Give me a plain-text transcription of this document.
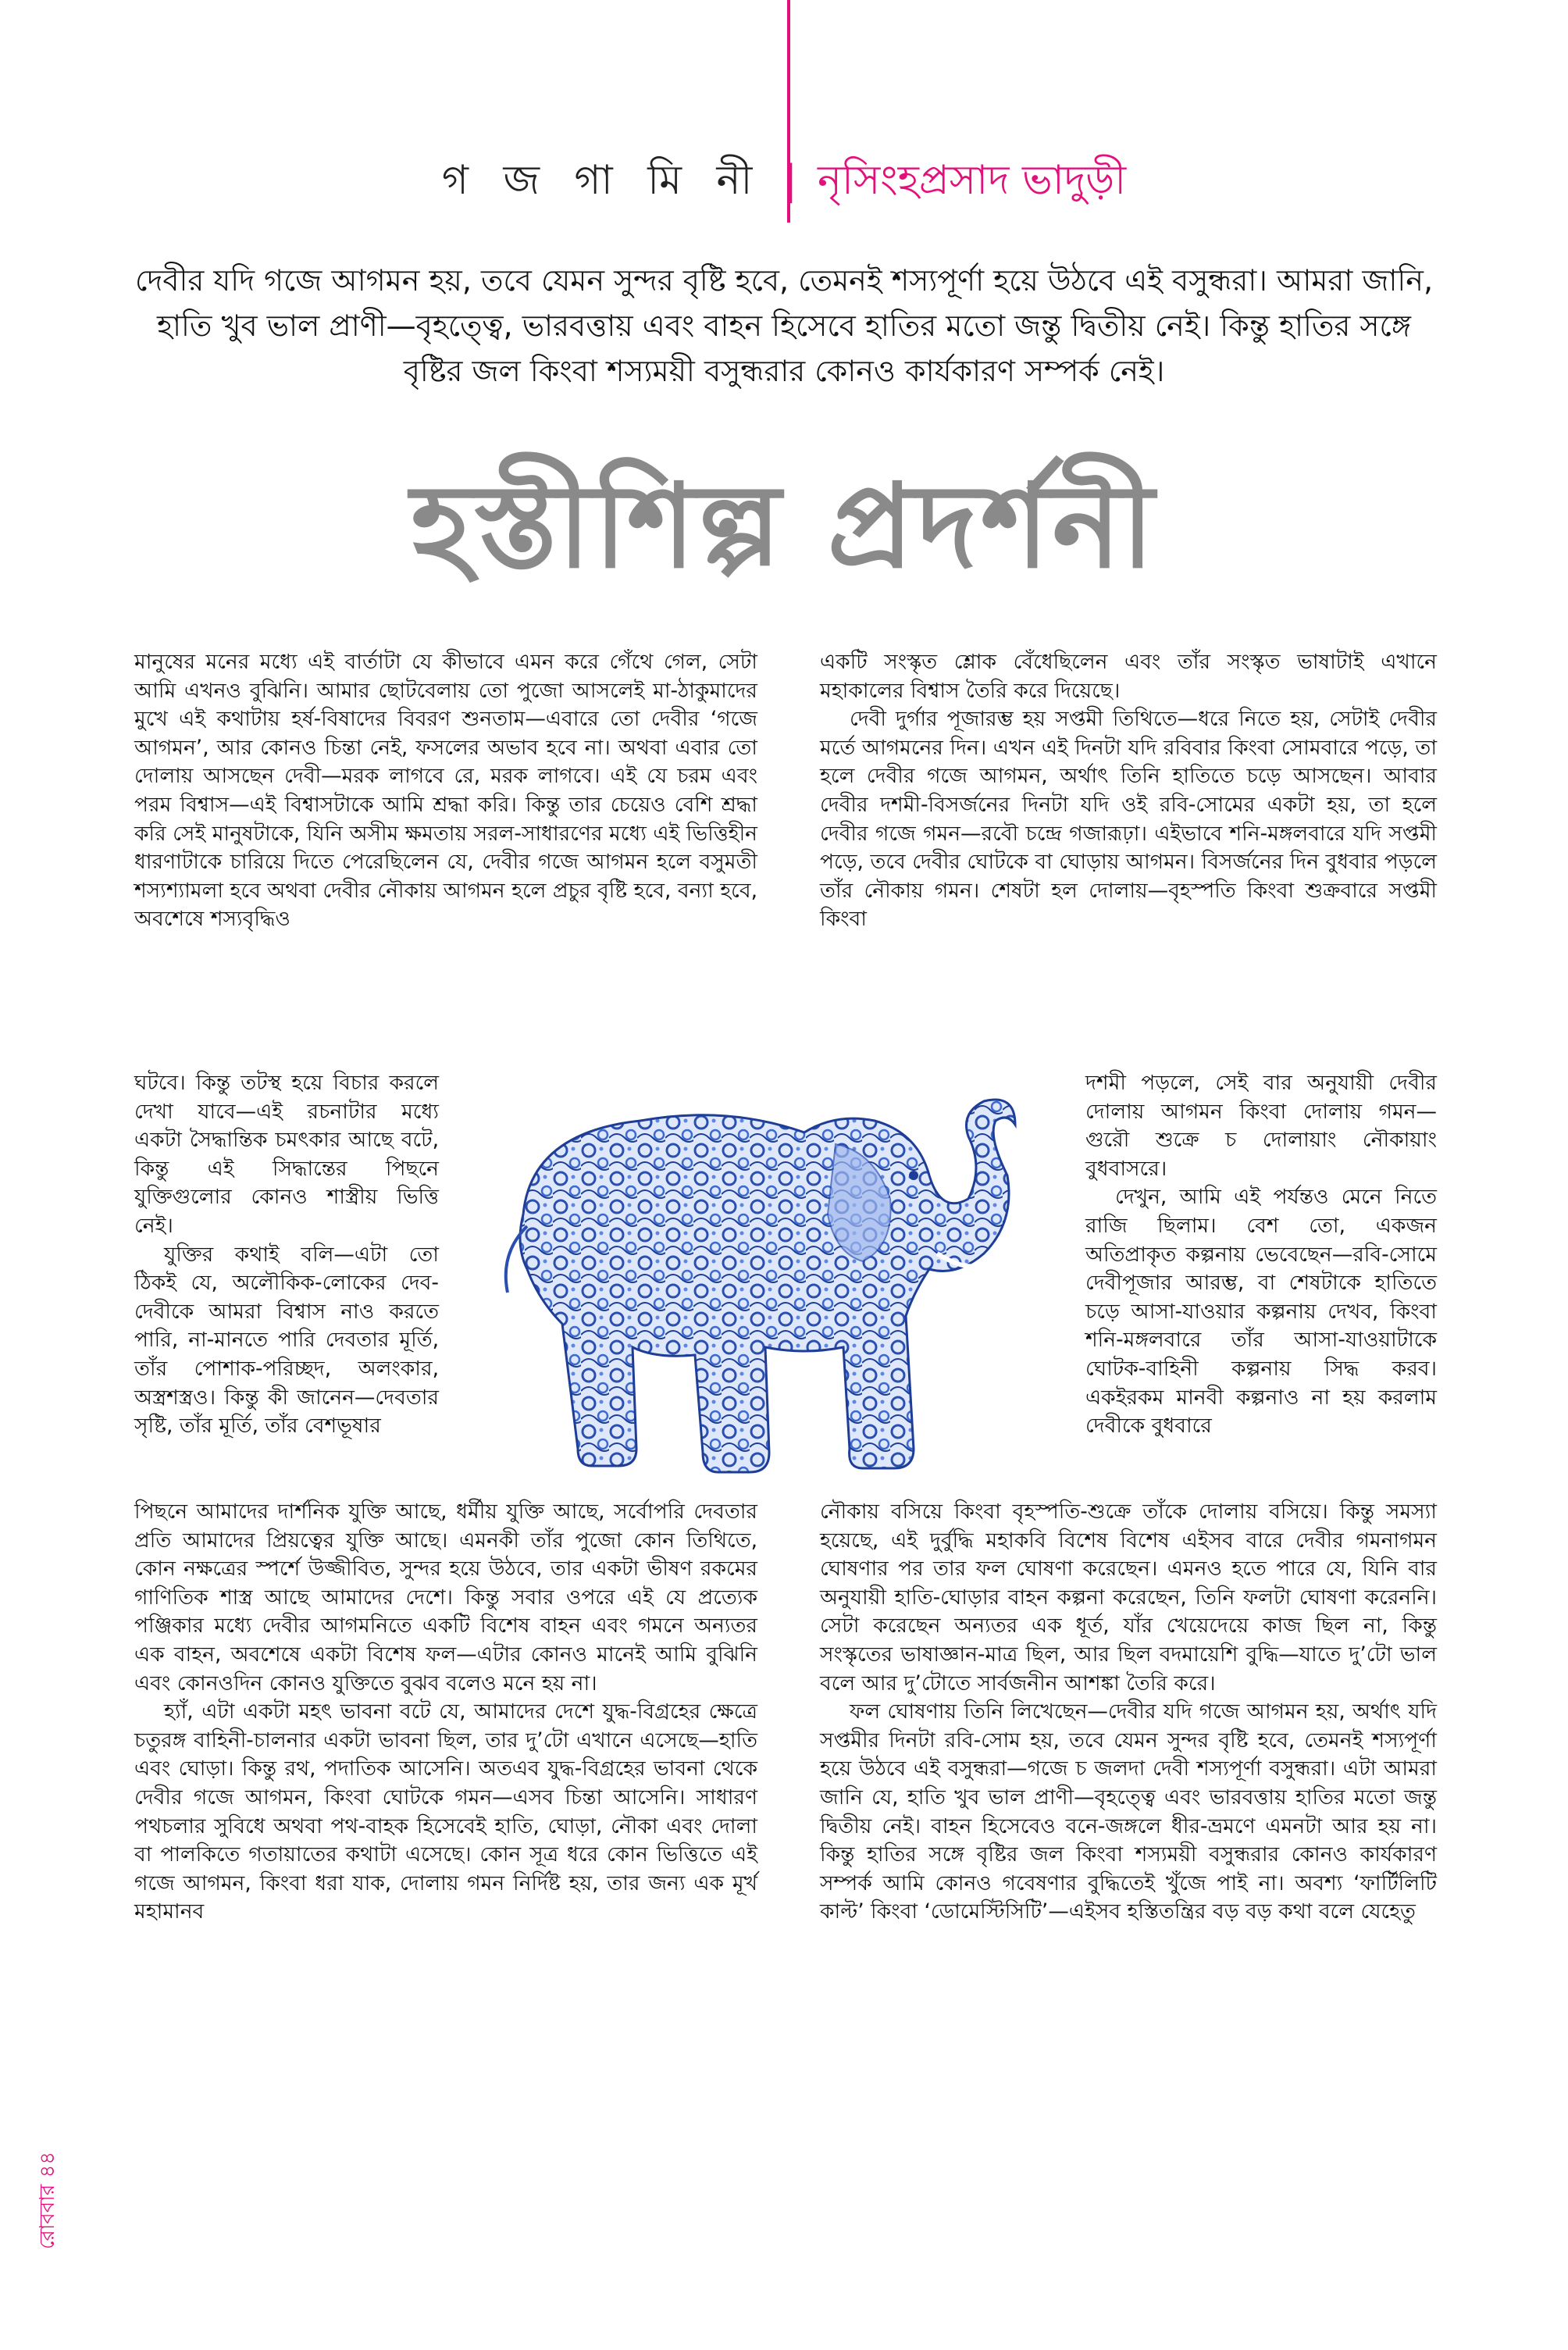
গ জ গা মি নী | নৃসিংহপ্রসাদ ভাদুড়ী
দেবীর যদি গজে আগমন হয়, তবে যেমন সুন্দর বৃষ্টি হবে, তেমনই শস্যপূর্ণা হয়ে উঠবে এই বসুন্ধরা। আমরা জানি, হাতি খুব ভাল প্রাণী—বৃহত্ত্বে, ভারবত্তায় এবং বাহন হিসেবে হাতির মতো জন্তু দ্বিতীয় নেই। কিন্তু হাতির সঙ্গে বৃষ্টির জল কিংবা শস্যময়ী বসুন্ধরার কোনও কার্যকারণ সম্পর্ক নেই।
হস্তীশিল্প প্রদর্শনী

মানুষের মনের মধ্যে এই বার্তাটা যে কীভাবে এমন করে গেঁথে গেল, সেটা আমি এখনও বুঝিনি। আমার ছোটবেলায় তো পুজো আসলেই মা-ঠাকুমাদের মুখে এই কথাটায় হর্ষ-বিষাদের বিবরণ শুনতাম—এবারে তো দেবীর ‘গজে আগমন’, আর কোনও চিন্তা নেই, ফসলের অভাব হবে না। অথবা এবার তো দোলায় আসছেন দেবী—মরক লাগবে রে, মরক লাগবে। এই যে চরম এবং পরম বিশ্বাস—এই বিশ্বাসটাকে আমি শ্রদ্ধা করি। কিন্তু তার চেয়েও বেশি শ্রদ্ধা করি সেই মানুষটাকে, যিনি অসীম ক্ষমতায় সরল-সাধারণের মধ্যে এই ভিত্তিহীন ধারণাটাকে চারিয়ে দিতে পেরেছিলেন যে, দেবীর গজে আগমন হলে বসুমতী শস্যশ্যামলা হবে অথবা দেবীর নৌকায় আগমন হলে প্রচুর বৃষ্টি হবে, বন্যা হবে, অবশেষে শস্যবৃদ্ধিও

ঘটবে। কিন্তু তটস্থ হয়ে বিচার করলে দেখা যাবে—এই রচনাটার মধ্যে একটা সৈদ্ধান্তিক চমৎকার আছে বটে, কিন্তু এই সিদ্ধান্তের পিছনে যুক্তিগুলোর কোনও শাস্ত্রীয় ভিত্তি নেই।

যুক্তির কথাই বলি—এটা তো ঠিকই যে, অলৌকিক-লোকের দেব-দেবীকে আমরা বিশ্বাস নাও করতে পারি, না-মানতে পারি দেবতার মূর্তি, তাঁর পোশাক-পরিচ্ছদ, অলংকার, অস্ত্রশস্ত্রও। কিন্তু কী জানেন—দেবতার সৃষ্টি, তাঁর মূর্তি, তাঁর বেশভূষার

পিছনে আমাদের দার্শনিক যুক্তি আছে, ধর্মীয় যুক্তি আছে, সর্বোপরি দেবতার প্রতি আমাদের প্রিয়ত্বের যুক্তি আছে। এমনকী তাঁর পুজো কোন তিথিতে, কোন নক্ষত্রের স্পর্শে উজ্জীবিত, সুন্দর হয়ে উঠবে, তার একটা ভীষণ রকমের গাণিতিক শাস্ত্র আছে আমাদের দেশে। কিন্তু সবার ওপরে এই যে প্রত্যেক পঞ্জিকার মধ্যে দেবীর আগমনিতে একটি বিশেষ বাহন এবং গমনে অন্যতর এক বাহন, অবশেষে একটা বিশেষ ফল—এটার কোনও মানেই আমি বুঝিনি এবং কোনওদিন কোনও যুক্তিতে বুঝব বলেও মনে হয় না।

হ্যাঁ, এটা একটা মহৎ ভাবনা বটে যে, আমাদের দেশে যুদ্ধ-বিগ্রহের ক্ষেত্রে চতুরঙ্গ বাহিনী-চালনার একটা ভাবনা ছিল, তার দু’টো এখানে এসেছে—হাতি এবং ঘোড়া। কিন্তু রথ, পদাতিক আসেনি। অতএব যুদ্ধ-বিগ্রহের ভাবনা থেকে দেবীর গজে আগমন, কিংবা ঘোটকে গমন—এসব চিন্তা আসেনি। সাধারণ পথচলার সুবিধে অথবা পথ-বাহক হিসেবেই হাতি, ঘোড়া, নৌকা এবং দোলা বা পালকিতে গতায়াতের কথাটা এসেছে। কোন সূত্র ধরে কোন ভিত্তিতে এই গজে আগমন, কিংবা ধরা যাক, দোলায় গমন নির্দিষ্ট হয়, তার জন্য এক মূর্খ মহামানব

একটি সংস্কৃত শ্লোক বেঁধেছিলেন এবং তাঁর সংস্কৃত ভাষাটাই এখানে মহাকালের বিশ্বাস তৈরি করে দিয়েছে।

দেবী দুর্গার পূজারম্ভ হয় সপ্তমী তিথিতে—ধরে নিতে হয়, সেটাই দেবীর মর্তে আগমনের দিন। এখন এই দিনটা যদি রবিবার কিংবা সোমবারে পড়ে, তা হলে দেবীর গজে আগমন, অর্থাৎ তিনি হাতিতে চড়ে আসছেন। আবার দেবীর দশমী-বিসর্জনের দিনটা যদি ওই রবি-সোমের একটা হয়, তা হলে দেবীর গজে গমন—রবৌ চন্দ্রে গজারূঢ়া। এইভাবে শনি-মঙ্গলবারে যদি সপ্তমী পড়ে, তবে দেবীর ঘোটকে বা ঘোড়ায় আগমন। বিসর্জনের দিন বুধবার পড়লে তাঁর নৌকায় গমন। শেষটা হল দোলায়—বৃহস্পতি কিংবা শুক্রবারে সপ্তমী কিংবা

দশমী পড়লে, সেই বার অনুযায়ী দেবীর দোলায় আগমন কিংবা দোলায় গমন—গুরৌ শুক্রে চ দোলায়াং নৌকায়াং বুধবাসরে।

দেখুন, আমি এই পর্যন্তও মেনে নিতে রাজি ছিলাম। বেশ তো, একজন অতিপ্রাকৃত কল্পনায় ভেবেছেন—রবি-সোমে দেবীপূজার আরম্ভ, বা শেষটাকে হাতিতে চড়ে আসা-যাওয়ার কল্পনায় দেখব, কিংবা শনি-মঙ্গলবারে তাঁর আসা-যাওয়াটাকে ঘোটক-বাহিনী কল্পনায় সিদ্ধ করব। একইরকম মানবী কল্পনাও না হয় করলাম দেবীকে বুধবারে

নৌকায় বসিয়ে কিংবা বৃহস্পতি-শুক্রে তাঁকে দোলায় বসিয়ে। কিন্তু সমস্যা হয়েছে, এই দুর্বুদ্ধি মহাকবি বিশেষ বিশেষ এইসব বারে দেবীর গমনাগমন ঘোষণার পর তার ফল ঘোষণা করেছেন। এমনও হতে পারে যে, যিনি বার অনুযায়ী হাতি-ঘোড়ার বাহন কল্পনা করেছেন, তিনি ফলটা ঘোষণা করেননি। সেটা করেছেন অন্যতর এক ধূর্ত, যাঁর খেয়েদেয়ে কাজ ছিল না, কিন্তু সংস্কৃতের ভাষাজ্ঞান-মাত্র ছিল, আর ছিল বদমায়েশি বুদ্ধি—যাতে দু’টো ভাল বলে আর দু’টোতে সার্বজনীন আশঙ্কা তৈরি করে।

ফল ঘোষণায় তিনি লিখেছেন—দেবীর যদি গজে আগমন হয়, অর্থাৎ যদি সপ্তমীর দিনটা রবি-সোম হয়, তবে যেমন সুন্দর বৃষ্টি হবে, তেমনই শস্যপূর্ণা হয়ে উঠবে এই বসুন্ধরা—গজে চ জলদা দেবী শস্যপূর্ণা বসুন্ধরা। এটা আমরা জানি যে, হাতি খুব ভাল প্রাণী—বৃহত্ত্বে এবং ভারবত্তায় হাতির মতো জন্তু দ্বিতীয় নেই। বাহন হিসেবেও বনে-জঙ্গলে ধীর-ভ্রমণে এমনটা আর হয় না। কিন্তু হাতির সঙ্গে বৃষ্টির জল কিংবা শস্যময়ী বসুন্ধরার কোনও কার্যকারণ সম্পর্ক আমি কোনও গবেষণার বুদ্ধিতেই খুঁজে পাই না। অবশ্য ‘ফার্টিলিটি কাল্ট’ কিংবা ‘ডোমেস্টিসিটি’—এইসব হস্তিতন্ত্রির বড় বড় কথা বলে যেহেতু

রোববার ৪৪
